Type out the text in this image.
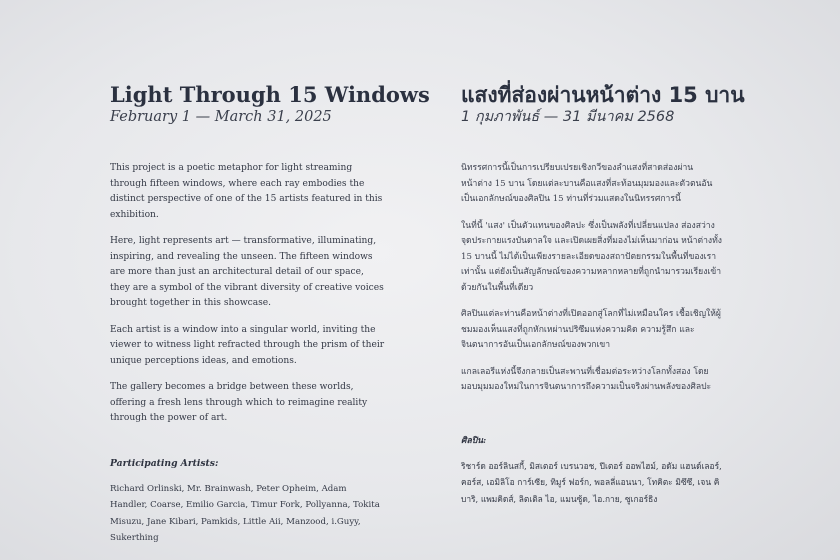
Light Through 15 Windows

February 1 — March 31, 2025

This project is a poetic metaphor for light streaming through fifteen windows, where each ray embodies the distinct perspective of one of the 15 artists featured in this exhibition.

Here, light represents art — transformative, illuminating, inspiring, and revealing the unseen. The fifteen windows are more than just an architectural detail of our space, they are a symbol of the vibrant diversity of creative voices brought together in this showcase.

Each artist is a window into a singular world, inviting the viewer to witness light refracted through the prism of their unique perceptions ideas, and emotions.

The gallery becomes a bridge between these worlds, offering a fresh lens through which to reimagine reality through the power of art.

Participating Artists:

Richard Orlinski, Mr. Brainwash, Peter Opheim, Adam Handler, Coarse, Emilio Garcia, Timur Fork, Pollyanna, Tokita Misuzu, Jane Kibari, Pamkids, Little Aii, Manzood, i.Guyy, Sukerthing

แสงที่ส่องผ่านหน้าต่าง 15 บาน

1 กุมภาพันธ์ — 31 มีนาคม 2568

นิทรรศการนี้เป็นการเปรียบเปรยเชิงกวีของลำแสงที่สาดส่องผ่านหน้าต่าง 15 บาน โดยแต่ละบานคือแสงที่สะท้อนมุมมองและตัวตนอันเป็นเอกลักษณ์ของศิลปิน 15 ท่านที่ร่วมแสดงในนิทรรศการนี้

ในที่นี้ 'แสง' เป็นตัวแทนของศิลปะ ซึ่งเป็นพลังที่เปลี่ยนแปลง ส่องสว่าง จุดประกายแรงบันดาลใจ และเปิดเผยสิ่งที่มองไม่เห็นมาก่อน หน้าต่างทั้ง 15 บานนี้ ไม่ได้เป็นเพียงรายละเอียดของสถาปัตยกรรมในพื้นที่ของเราเท่านั้น แต่ยังเป็นสัญลักษณ์ของความหลากหลายที่ถูกนำมารวมเรียงเข้าด้วยกันในพื้นที่เดียว

ศิลปินแต่ละท่านคือหน้าต่างที่เปิดออกสู่โลกที่ไม่เหมือนใคร เชื้อเชิญให้ผู้ชมมองเห็นแสงที่ถูกหักเหผ่านปริซึมแห่งความคิด ความรู้สึก และจินตนาการอันเป็นเอกลักษณ์ของพวกเขา

แกลเลอรีแห่งนี้จึงกลายเป็นสะพานที่เชื่อมต่อระหว่างโลกทั้งสอง โดยมอบมุมมองใหม่ในการจินตนาการถึงความเป็นจริงผ่านพลังของศิลปะ

ศิลปิน:

ริชาร์ด ออร์ลินสกี้, มิสเตอร์ เบรนวอช, ปีเตอร์ ออพไฮม์, อดัม แฮนด์เลอร์, คอร์ส, เอมิลิโอ การ์เซีย, ทิมูร์ ฟอร์ก, พอลลี่แอนนา, โทคิตะ มิซึซึ, เจน คิบาริ, แพมคิดส์, ลิตเติล ไอ, แมนซู้ด, ไอ.กาย, ซูเกอร์ธิง
